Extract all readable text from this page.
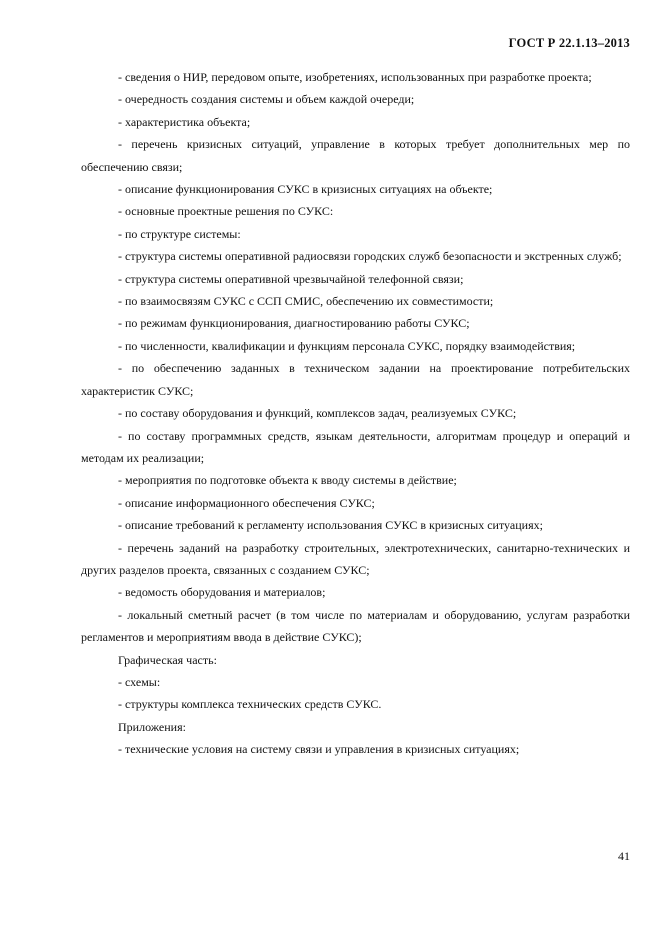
ГОСТ Р 22.1.13–2013

- сведения о НИР, передовом опыте, изобретениях, использованных при разработке проекта;

- очередность создания системы и объем каждой очереди;

- характеристика объекта;

- перечень кризисных ситуаций, управление в которых требует дополнительных мер по обеспечению связи;

- описание функционирования СУКС в кризисных ситуациях на объекте;

- основные проектные решения по СУКС:

- по структуре системы:

- структура системы оперативной радиосвязи городских служб безопасности и экстренных служб;

- структура системы оперативной чрезвычайной телефонной связи;

- по взаимосвязям СУКС с ССП СМИС, обеспечению их совместимости;

- по режимам функционирования, диагностированию работы СУКС;

- по численности, квалификации и функциям персонала СУКС, порядку взаимодействия;

- по обеспечению заданных в техническом задании на проектирование потребительских характеристик СУКС;

- по составу оборудования и функций, комплексов задач, реализуемых СУКС;

- по составу программных средств, языкам деятельности, алгоритмам процедур и операций и методам их реализации;

- мероприятия по подготовке объекта к вводу системы в действие;

- описание информационного обеспечения СУКС;

- описание требований к регламенту использования СУКС в кризисных ситуациях;

- перечень заданий на разработку строительных, электротехнических, санитарно-технических и других разделов проекта, связанных с созданием СУКС;

- ведомость оборудования и материалов;

- локальный сметный расчет (в том числе по материалам и оборудованию, услугам разработки регламентов и мероприятиям ввода в действие СУКС);

Графическая часть:

- схемы:

- структуры комплекса технических средств СУКС.

Приложения:

- технические условия на систему связи и управления в кризисных ситуациях;

41
